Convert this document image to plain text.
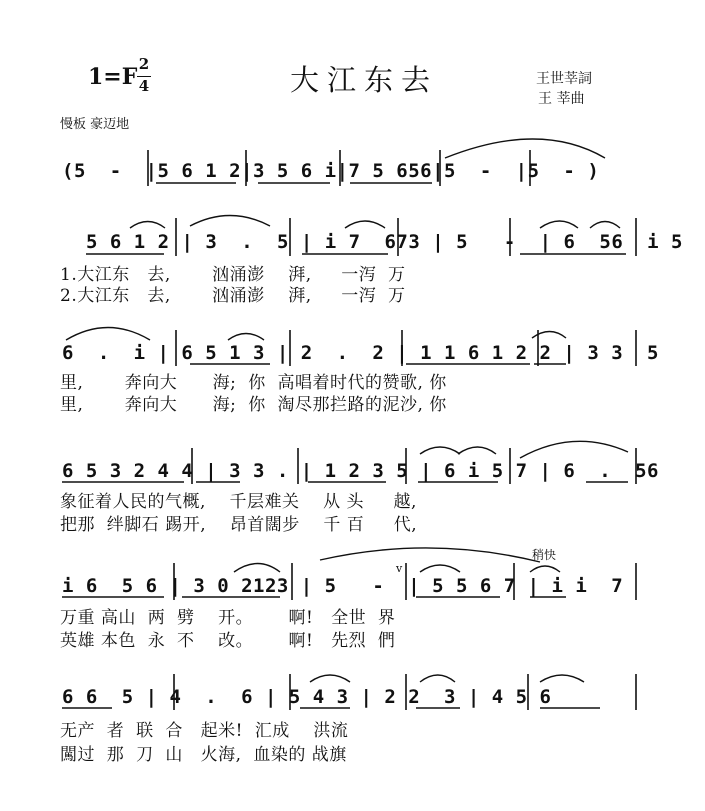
大江东去
1=F 2
4	王世莘詞
王 莘曲
慢板 豪迈地
(5  -  |5 6 1 2|3 5 6 i|7 5 656|5  -  |5  - )
5 6 1 2 | 3  .  5 | i 7  673 | 5   -  | 6  56  i 5
1.大江东   去,       汹涌澎    湃,     一泻  万
2.大江东   去,       汹涌澎    湃,     一泻  万
6  .  i | 6 5 1 3 | 2  .  2 | 1 1 6 1 2 2 | 3 3  5
里,       奔向大      海;  你  高唱着时代的赞歌, 你
里,       奔向大      海;  你  淘尽那拦路的泥沙, 你
6 5 3 2 4 4 | 3 3 . | 1 2 3 5 | 6 i 5 7 | 6  .  56
象征着人民的气概,    千层难关    从 头     越,
把那  绊脚石 踢开,    昂首闊步    千 百     代,
稍快
v
i 6  5 6 | 3 0 2123 | 5   -  | 5 5 6 7 | i i  7
万重 高山  两  劈    开。      啊!   全世  界
英雄 本色  永  不    改。      啊!   先烈  們
6 6  5 | 4  .  6 | 5 4 3 | 2 2  3 | 4 5 6
无产  者  联  合   起米!  汇成    洪流
闖过  那  刀  山   火海,  血染的 战旗
